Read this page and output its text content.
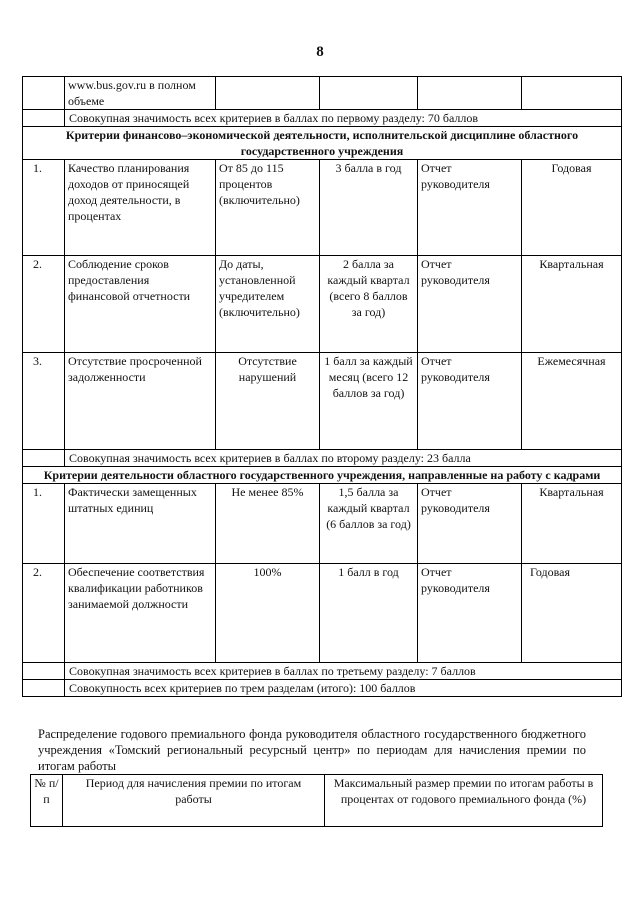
8
	www.bus.gov.ru в полном объеме				
	Совокупная значимость всех критериев в баллах по первому разделу: 70 баллов				
Критерии финансово–экономической деятельности, исполнительской дисциплине областного государственного учреждения					
1.	Качество планирования доходов от приносящей доход деятельности, в процентах	От 85 до 115 процентов (включительно)	3 балла в год	Отчет руководителя	Годовая
2.	Соблюдение сроков предоставления финансовой отчетности	До даты, установленной учредителем (включительно)	2 балла за каждый квартал (всего 8 баллов за год)	Отчет руководителя	Квартальная
3.	Отсутствие просроченной задолженности	Отсутствие нарушений	1 балл за каждый месяц (всего 12 баллов за год)	Отчет руководителя	Ежемесячная
	Совокупная значимость всех критериев в баллах по второму разделу: 23 балла				
Критерии деятельности областного государственного учреждения, направленные на работу с кадрами					
1.	Фактически замещенных штатных единиц	Не менее 85%	1,5 балла за каждый квартал (6 баллов за год)	Отчет руководителя	Квартальная
2.	Обеспечение соответствия квалификации работников занимаемой должности	100%	1 балл в год	Отчет руководителя	Годовая
	Совокупная значимость всех критериев в баллах по третьему разделу: 7 баллов				
	Совокупность всех критериев по трем разделам (итого): 100 баллов				
Распределение годового премиального фонда руководителя областного государственного бюджетного учреждения «Томский региональный ресурсный центр» по периодам для начисления премии по итогам работы
№ п/п	Период для начисления премии по итогам работы	Максимальный размер премии по итогам работы в процентах от годового премиального фонда (%)
